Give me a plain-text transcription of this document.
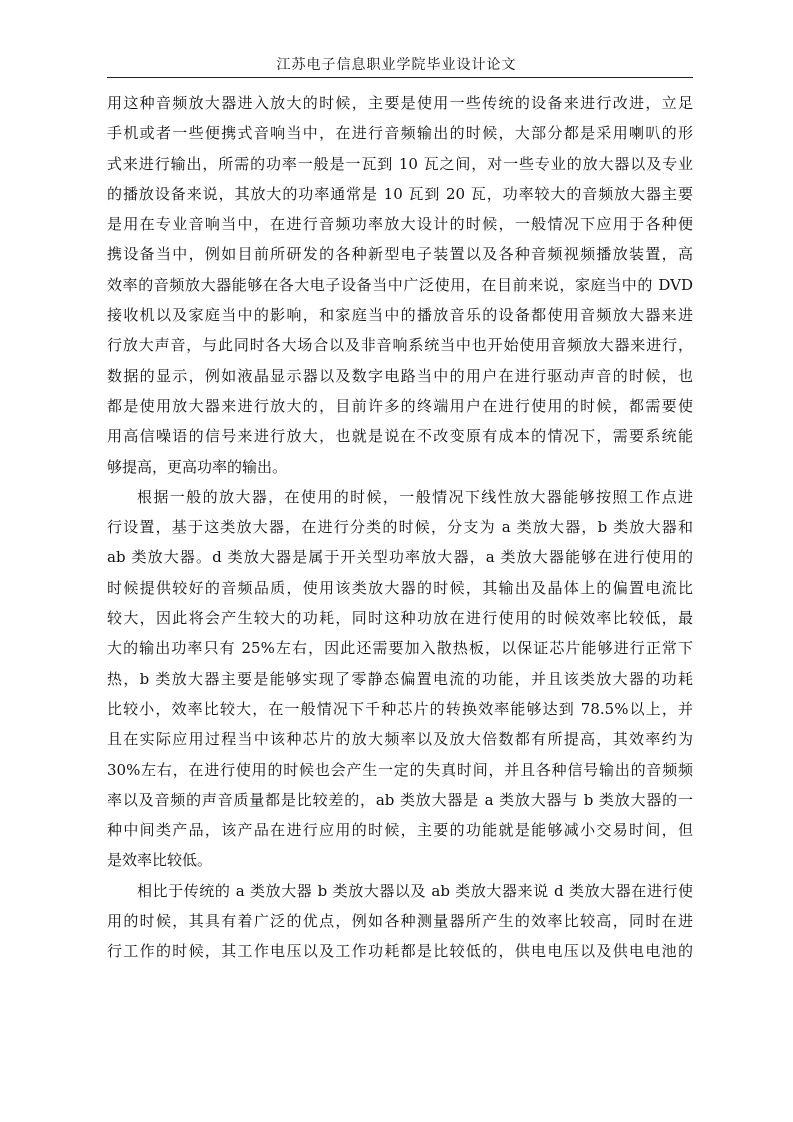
江苏电子信息职业学院毕业设计论文
用这种音频放大器进入放大的时候，主要是使用一些传统的设备来进行改进，立足
手机或者一些便携式音响当中，在进行音频输出的时候，大部分都是采用喇叭的形
式来进行输出，所需的功率一般是一瓦到 10 瓦之间，对一些专业的放大器以及专业
的播放设备来说，其放大的功率通常是 10 瓦到 20 瓦，功率较大的音频放大器主要
是用在专业音响当中，在进行音频功率放大设计的时候，一般情况下应用于各种便
携设备当中，例如目前所研发的各种新型电子装置以及各种音频视频播放装置，高
效率的音频放大器能够在各大电子设备当中广泛使用，在目前来说，家庭当中的 DVD
接收机以及家庭当中的影响，和家庭当中的播放音乐的设备都使用音频放大器来进
行放大声音，与此同时各大场合以及非音响系统当中也开始使用音频放大器来进行，
数据的显示，例如液晶显示器以及数字电路当中的用户在进行驱动声音的时候，也
都是使用放大器来进行放大的，目前许多的终端用户在进行使用的时候，都需要使
用高信噪语的信号来进行放大，也就是说在不改变原有成本的情况下，需要系统能
够提高，更高功率的输出。
根据一般的放大器，在使用的时候，一般情况下线性放大器能够按照工作点进
行设置，基于这类放大器，在进行分类的时候，分支为 a 类放大器，b 类放大器和
ab 类放大器。d 类放大器是属于开关型功率放大器，a 类放大器能够在进行使用的
时候提供较好的音频品质，使用该类放大器的时候，其输出及晶体上的偏置电流比
较大，因此将会产生较大的功耗，同时这种功放在进行使用的时候效率比较低，最
大的输出功率只有 25%左右，因此还需要加入散热板，以保证芯片能够进行正常下
热，b 类放大器主要是能够实现了零静态偏置电流的功能，并且该类放大器的功耗
比较小，效率比较大，在一般情况下千种芯片的转换效率能够达到 78.5%以上，并
且在实际应用过程当中该种芯片的放大频率以及放大倍数都有所提高，其效率约为
30%左右，在进行使用的时候也会产生一定的失真时间，并且各种信号输出的音频频
率以及音频的声音质量都是比较差的，ab 类放大器是 a 类放大器与 b 类放大器的一
种中间类产品，该产品在进行应用的时候，主要的功能就是能够减小交易时间，但
是效率比较低。
相比于传统的 a 类放大器 b 类放大器以及 ab 类放大器来说 d 类放大器在进行使
用的时候，其具有着广泛的优点，例如各种测量器所产生的效率比较高，同时在进
行工作的时候，其工作电压以及工作功耗都是比较低的，供电电压以及供电电池的
